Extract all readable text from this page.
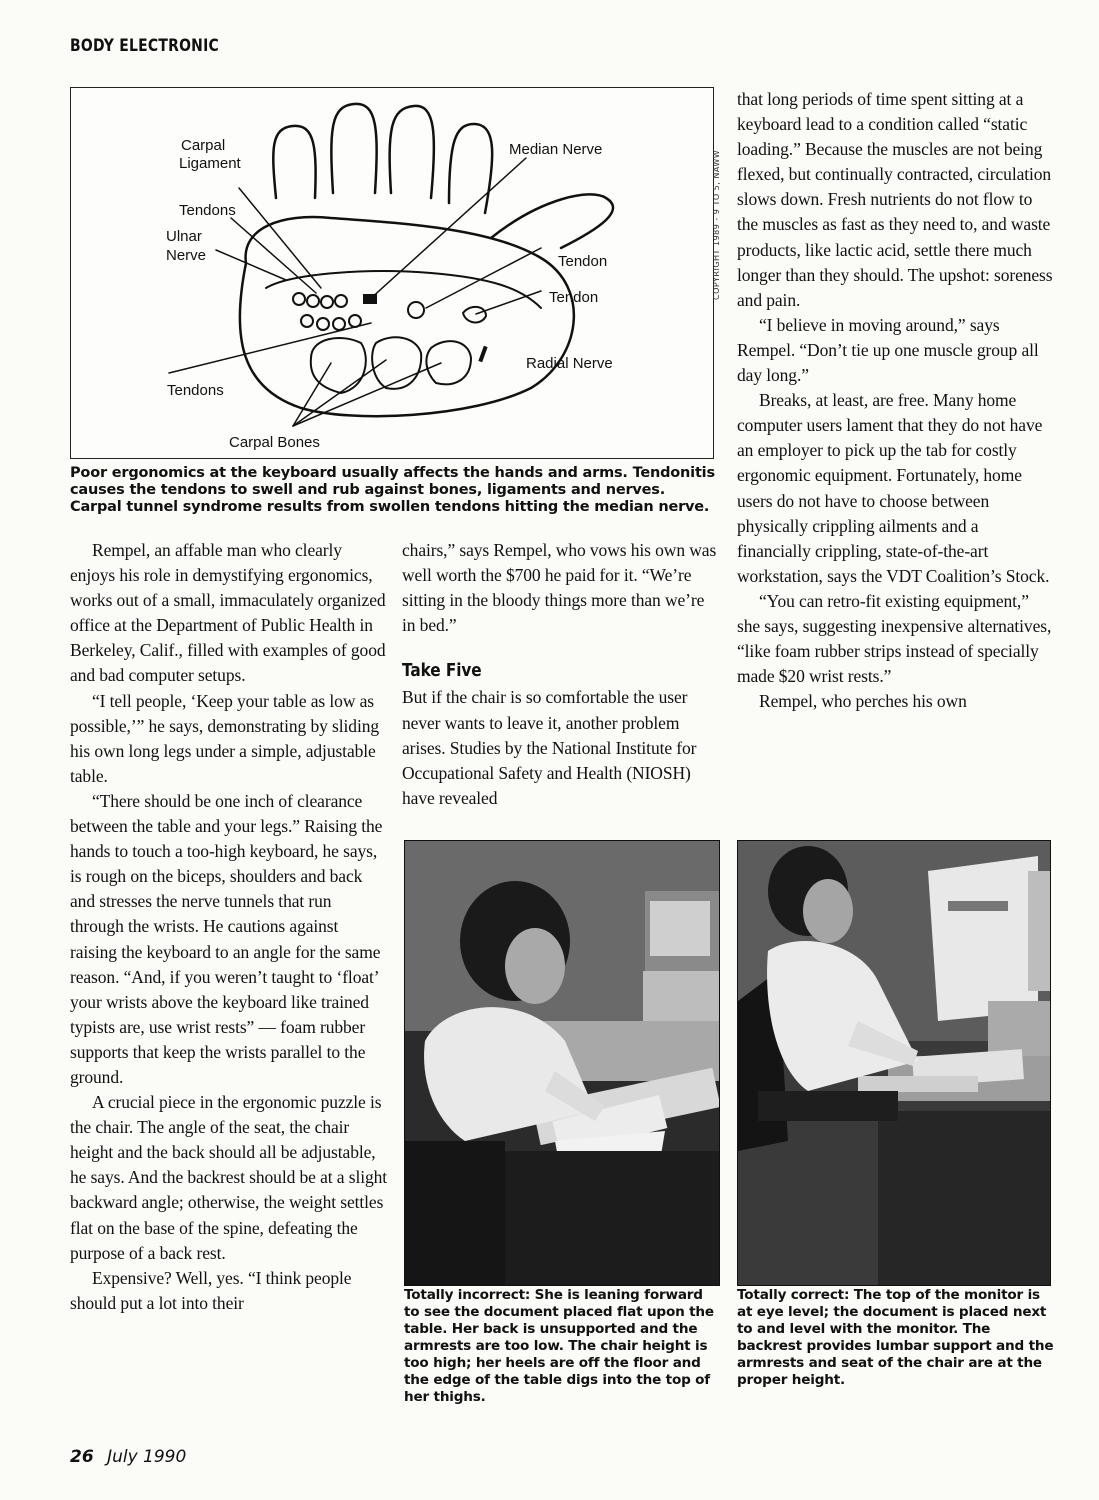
BODY ELECTRONIC
Carpal
Ligament
Tendons
Ulnar
Nerve
Median Nerve
Tendon
Tendon
Radial Nerve
Tendons
Carpal Bones
COPYRIGHT 1989 - 9 TO 5, NAWW
Poor ergonomics at the keyboard usually affects the hands and arms. Tendonitis causes the tendons to swell and rub against bones, ligaments and nerves. Carpal tunnel syndrome results from swollen tendons hitting the median nerve.

Rempel, an affable man who clearly enjoys his role in demystifying ergonomics, works out of a small, immaculately organized office at the Department of Public Health in Berkeley, Calif., filled with examples of good and bad computer setups.

“I tell people, ‘Keep your table as low as possible,’” he says, demonstrating by sliding his own long legs under a simple, adjustable table.

“There should be one inch of clearance between the table and your legs.” Raising the hands to touch a too-high keyboard, he says, is rough on the biceps, shoulders and back and stresses the nerve tunnels that run through the wrists. He cautions against raising the keyboard to an angle for the same reason. “And, if you weren’t taught to ‘float’ your wrists above the keyboard like trained typists are, use wrist rests” — foam rubber supports that keep the wrists parallel to the ground.

A crucial piece in the ergonomic puzzle is the chair. The angle of the seat, the chair height and the back should all be adjustable, he says. And the backrest should be at a slight backward angle; otherwise, the weight settles flat on the base of the spine, defeating the purpose of a back rest.

Expensive? Well, yes. “I think people should put a lot into their

chairs,” says Rempel, who vows his own was well worth the $700 he paid for it. “We’re sitting in the bloody things more than we’re in bed.”

Take Five

But if the chair is so comfortable the user never wants to leave it, another problem arises. Studies by the National Institute for Occupational Safety and Health (NIOSH) have revealed

that long periods of time spent sitting at a keyboard lead to a condition called “static loading.” Because the muscles are not being flexed, but continually contracted, circulation slows down. Fresh nutrients do not flow to the muscles as fast as they need to, and waste products, like lactic acid, settle there much longer than they should. The upshot: soreness and pain.

“I believe in moving around,” says Rempel. “Don’t tie up one muscle group all day long.”

Breaks, at least, are free. Many home computer users lament that they do not have an employer to pick up the tab for costly ergonomic equipment. Fortunately, home users do not have to choose between physically crippling ailments and a financially crippling, state-of-the-art workstation, says the VDT Coalition’s Stock.

“You can retro-fit existing equipment,” she says, suggesting inexpensive alternatives, “like foam rubber strips instead of specially made $20 wrist rests.”

Rempel, who perches his own

Totally incorrect: She is leaning forward to see the document placed flat upon the table. Her back is unsupported and the armrests are too low. The chair height is too high; her heels are off the floor and the edge of the table digs into the top of her thighs.
Totally correct: The top of the monitor is at eye level; the document is placed next to and level with the monitor. The backrest provides lumbar support and the armrests and seat of the chair are at the proper height.
26 July 1990
